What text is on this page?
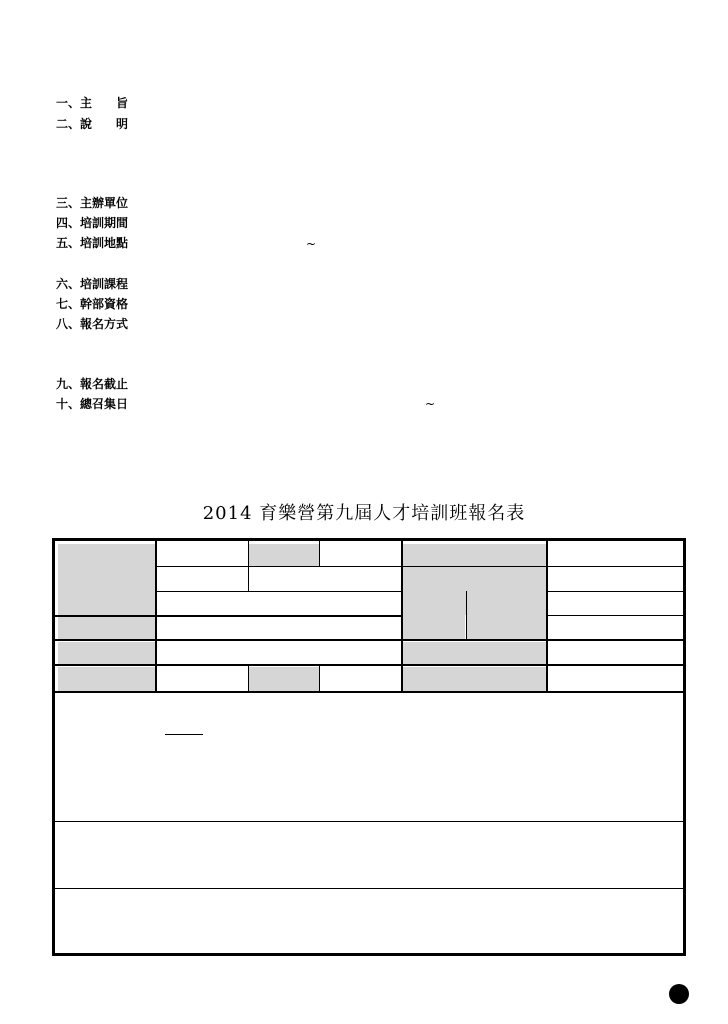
一、主　　旨
二、說　　明
三、主辦單位
四、培訓期間
五、培訓地點
六、培訓課程
七、幹部資格
八、報名方式
九、報名截止
十、總召集日
~
~
2014 育樂營第九屆人才培訓班報名表
